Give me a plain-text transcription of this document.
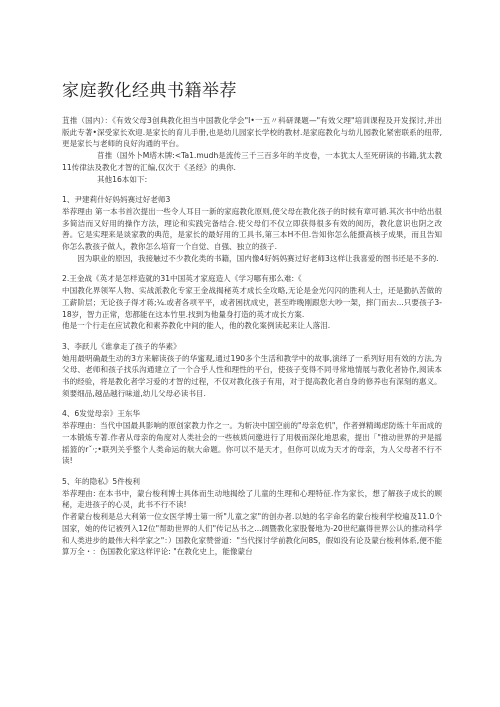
家庭教化经典书籍举荐

苴推（国内）：《有效父母3创典教化担当中国教化学会"I•一五〃科研课题—"有效父理"培训课程及开发探讨,并出版此专著•深受家长欢迎.是家长的育儿手册,也是幼儿园家长学校的教材.是家庭教化与幼儿园教化紧密联系的纽带,更是家长与老师的良好沟通的平台。

苜推（国外卜M塔木牌:<Ta1.mudh是流传三千三百多年的羊皮卷，一本犹太人至死研读的书籍,犹太教11传律法及教化才智的汇编,仅次于《圣经》的典你.

其他16本如下:

1、尹建莉什好妈妈赛过好老师3

举荐理由 第一本书首次提出一些令人耳目一新的家庭教化原则,使父母在教化孩子的时候有章可循.其次书中给出很多简洁而又好用的操作方法，理论和实践完备结合.使父母们不仅立即获得很多有效的阅历，教化意识也阴之改善。它是实理来是谈家教的典范，是家长的最好用的工具书,第三本H不但.告知你怎么能摄高核子成果，而且告知你怎么教孩子做人，教你怎么培育一个自觉、自强、独立的孩子.

因为职业的原因，我接触过不少教化类的书籍，国内像4好妈妈赛过好老师3这样让我喜爱的图书还是不多的.

2.王金战《英才是怎样造就的31中国英才家庭造人《学习哪有那么难:《

中国教化界领军人物、实战派教化专家王金战揭秘英才成长全攻略,无论是金光闪闪的胜利人士，还是勤扒苦做的工薪阶层；无论孩子得才蒋;¼.或者各项平平，或者困扰成史，甚至昨晚刚跟您大吵一架，摔门而去...只要孩子3-18岁，智力正常，您都能在这本竹里.找到为他量身打造的英才成长方案.

他是一个行走在应试教化和素养教化中间的能人，他的教化案例读起来让人落泪.

3、李跃儿《谁拿走了孩子的华素》

她用最明确最生动的3方来解读孩子的华蜜观,通过190多个生活和教学中的故事,演绎了一系列好用有效的方法,为父母、老师和孩子找乐沟通建立了一个合乎人性和理性的平台，使孩子变得不同寻常地情展与教化者协作,阅读本书的经验，将是教化者学习爱的才智的过程，不仅对教化孩子有用，对于提高教化者自身的修养也有深刻的惠义。

须要细品,越品越行味道,幼儿父母必读书目.

4、6发觉母亲》王东华

举荐理由：当代中国最具影响的原创家教力作之一。为斩决中国空前的"母亲危机"，作者弹精竭虑防炼十年而成的一本锻炼专著.作者从母亲的角度对人类社会的一些核质问邀进行了用极而深化地思索，提出「"推动世界的尹是摇摇篮的rˇ·;•联列关乎整个人类命运的航大命题。你可以不是天才，但你可以成为天才的母亲，为人父母者不行不读!

5、年的隐私》5件梭利

举荐理由: 在本书中，蒙台梭利博士具体而生动地揭绘了儿童的生理和心理特征.作为家长，想了解孩子成长的顾秘，走进孩子的心灵，此书不行不读!

作者蒙台梭利是总大利第一位女医学博士第一所"儿童之家"的创办者.以她的名字命名的蒙台梭利学校遍及11.0个国家，她的传记被列入12位"帮助世界的人们"传记丛书之...阔暨教化家股餐地为-20世纪赢得世界公认的推动科学和人类进步的最伟大科学家之"：）国教化家赞誉道："当代探讨学前教化问8S，假如没有论及蒙台梭利体系,便不能算万全・：伤国教化家这样评论: "在教化史上，能像蒙台
